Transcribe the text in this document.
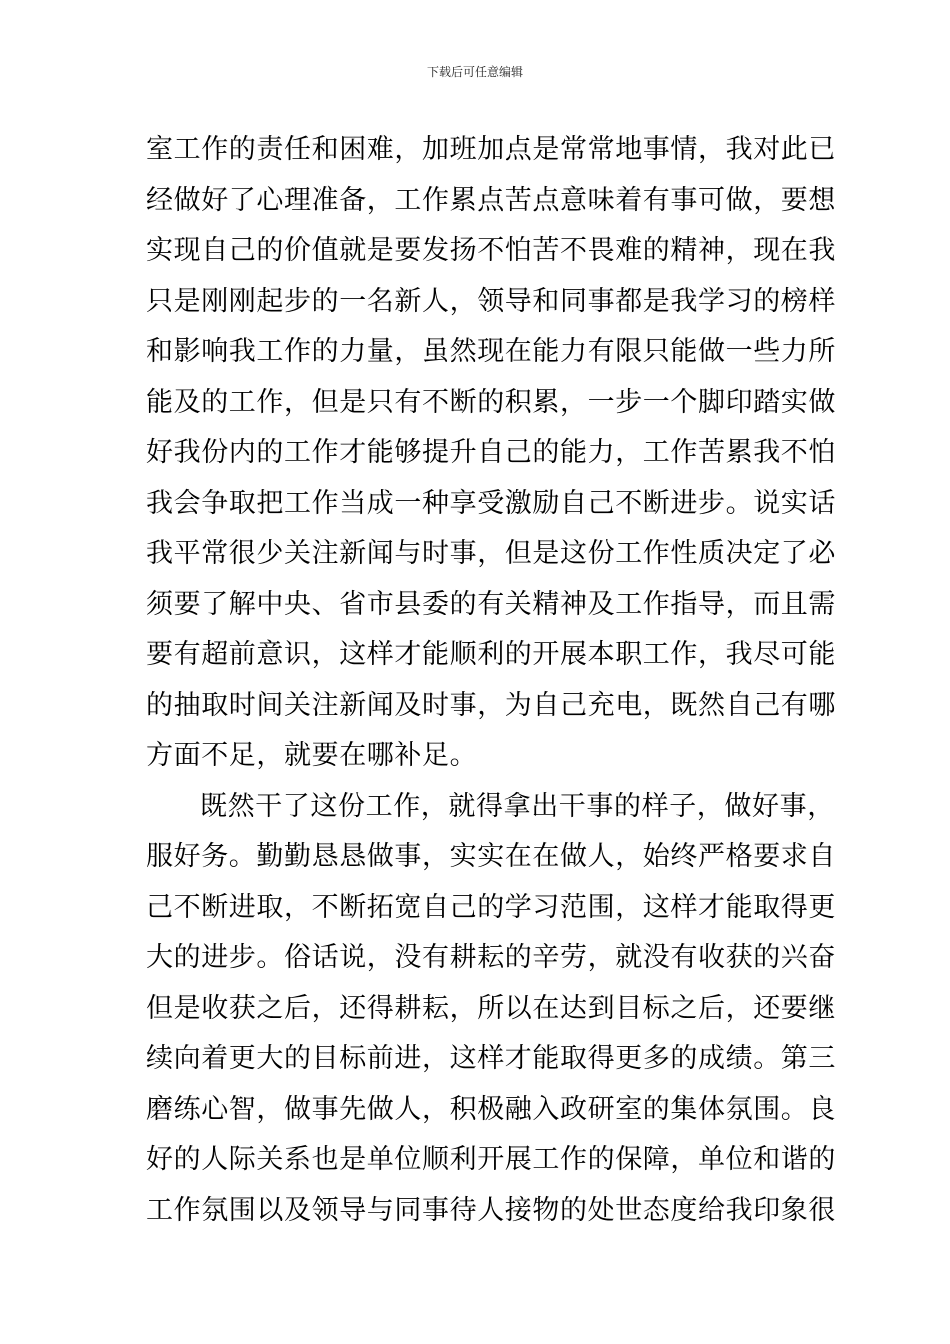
下载后可任意编辑
室工作的责任和困难，加班加点是常常地事情，我对此已
经做好了心理准备，工作累点苦点意味着有事可做，要想
实现自己的价值就是要发扬不怕苦不畏难的精神，现在我
只是刚刚起步的一名新人，领导和同事都是我学习的榜样
和影响我工作的力量，虽然现在能力有限只能做一些力所
能及的工作，但是只有不断的积累，一步一个脚印踏实做
好我份内的工作才能够提升自己的能力，工作苦累我不怕
我会争取把工作当成一种享受激励自己不断进步。说实话
我平常很少关注新闻与时事，但是这份工作性质决定了必
须要了解中央、省市县委的有关精神及工作指导，而且需
要有超前意识，这样才能顺利的开展本职工作，我尽可能
的抽取时间关注新闻及时事，为自己充电，既然自己有哪
方面不足，就要在哪补足。
既然干了这份工作，就得拿出干事的样子，做好事，
服好务。勤勤恳恳做事，实实在在做人，始终严格要求自
己不断进取，不断拓宽自己的学习范围，这样才能取得更
大的进步。俗话说，没有耕耘的辛劳，就没有收获的兴奋
但是收获之后，还得耕耘，所以在达到目标之后，还要继
续向着更大的目标前进，这样才能取得更多的成绩。第三
磨练心智，做事先做人，积极融入政研室的集体氛围。良
好的人际关系也是单位顺利开展工作的保障，单位和谐的
工作氛围以及领导与同事待人接物的处世态度给我印象很
